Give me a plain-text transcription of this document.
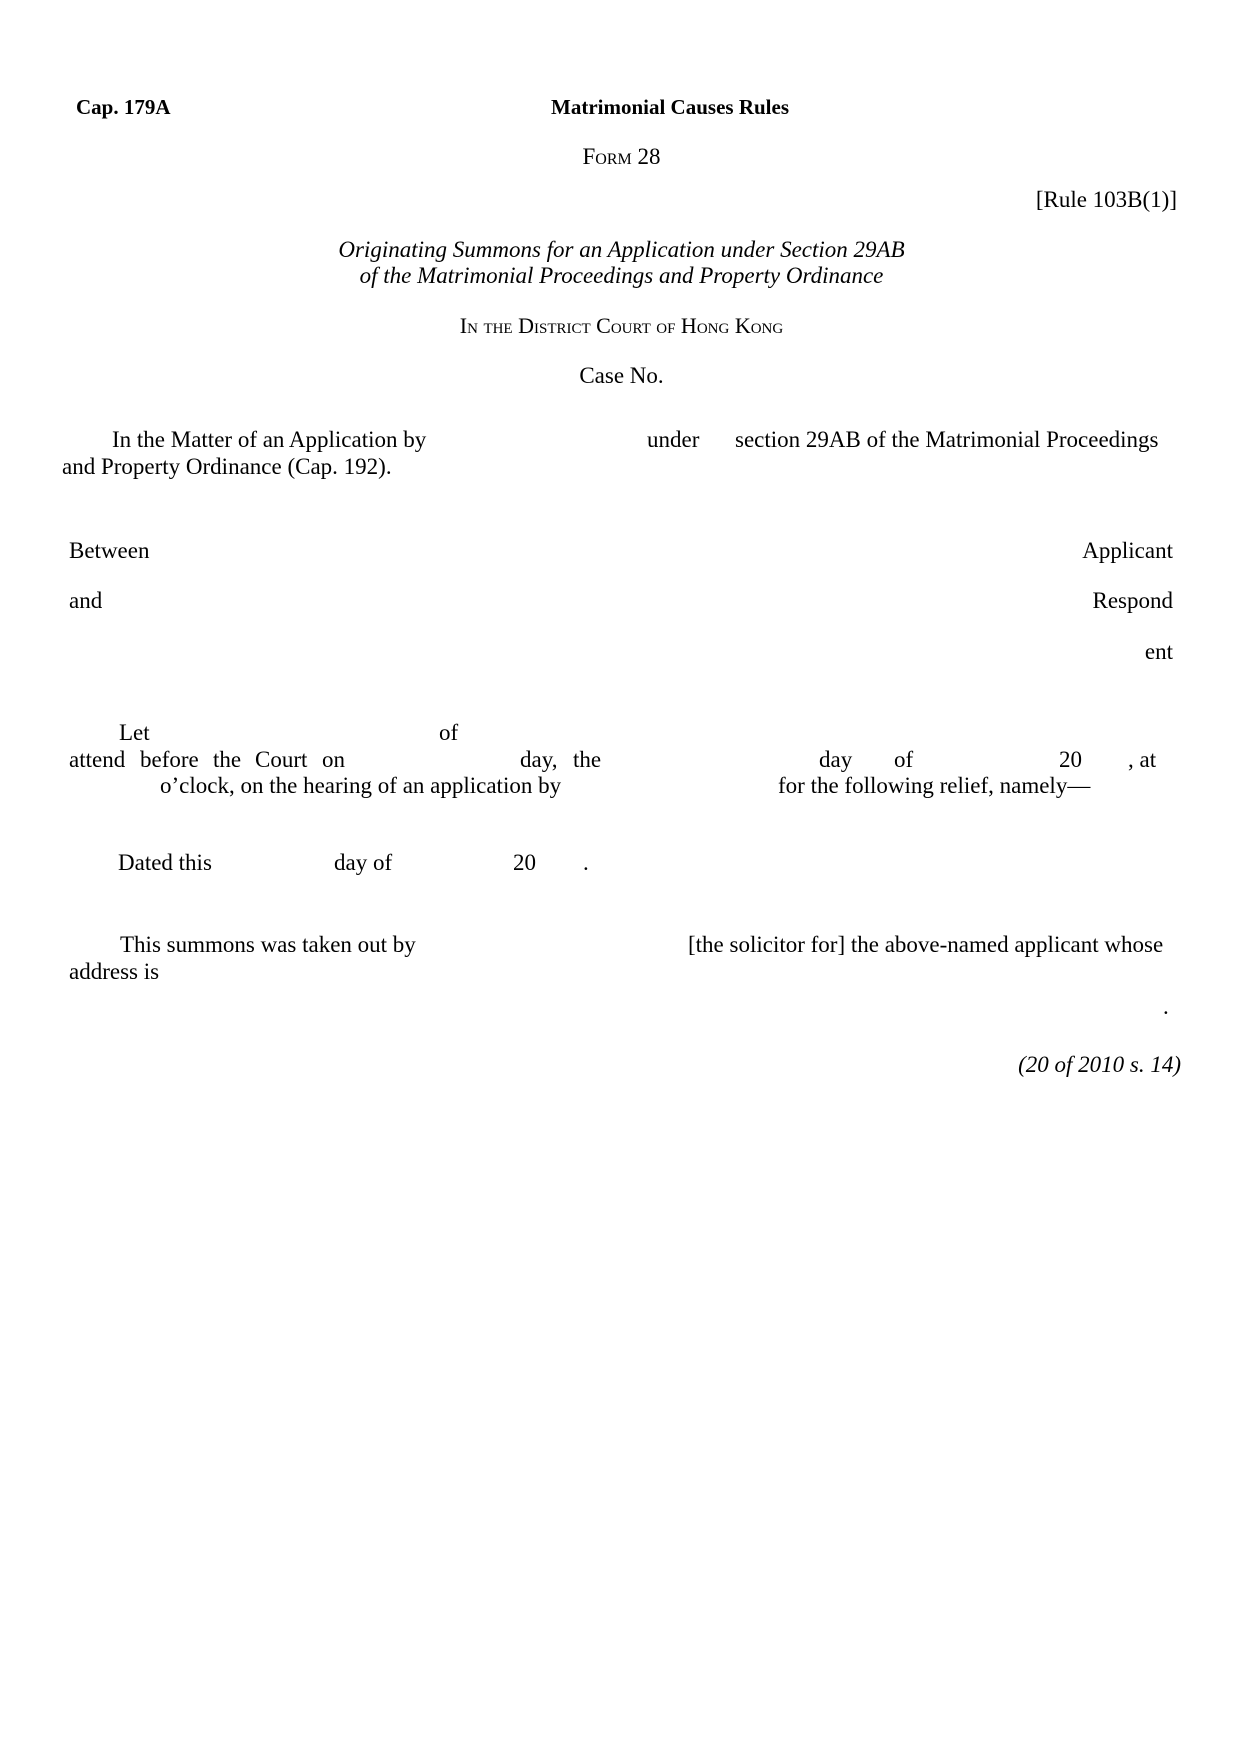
Cap. 179A	Matrimonial Causes Rules
Form 28
[Rule 103B(1)]
Originating Summons for an Application under Section 29AB
of the Matrimonial Proceedings and Property Ordinance
In the District Court of Hong Kong
Case No.
In the Matter of an Application by	under section 29AB of the Matrimonial Proceedings
and Property Ordinance (Cap. 192).
Between	Applicant
and	Respond
ent
Let	of
attend before the Court on	day, the	day of	20 , at
o’clock, on the hearing of an application by	for the following relief, namely—
Dated this	day of	20 .
This summons was taken out by	[the solicitor for] the above-named applicant whose
address is
.
(20 of 2010 s. 14)
